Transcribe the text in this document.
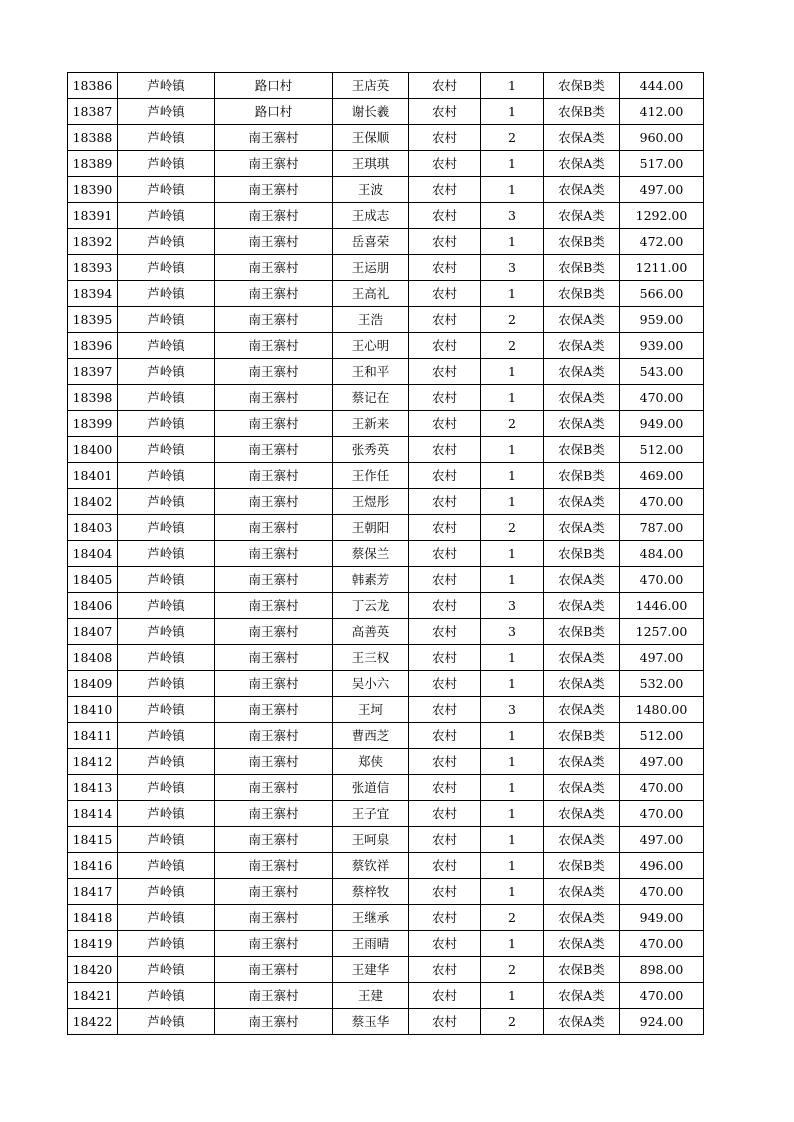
18386	芦岭镇	路口村	王店英	农村	1	农保B类	444.00
18387	芦岭镇	路口村	谢长羲	农村	1	农保B类	412.00
18388	芦岭镇	南王寨村	王保顺	农村	2	农保A类	960.00
18389	芦岭镇	南王寨村	王琪琪	农村	1	农保A类	517.00
18390	芦岭镇	南王寨村	王波	农村	1	农保A类	497.00
18391	芦岭镇	南王寨村	王成志	农村	3	农保A类	1292.00
18392	芦岭镇	南王寨村	岳喜荣	农村	1	农保B类	472.00
18393	芦岭镇	南王寨村	王运朋	农村	3	农保B类	1211.00
18394	芦岭镇	南王寨村	王高礼	农村	1	农保B类	566.00
18395	芦岭镇	南王寨村	王浩	农村	2	农保A类	959.00
18396	芦岭镇	南王寨村	王心明	农村	2	农保A类	939.00
18397	芦岭镇	南王寨村	王和平	农村	1	农保A类	543.00
18398	芦岭镇	南王寨村	蔡记在	农村	1	农保A类	470.00
18399	芦岭镇	南王寨村	王新来	农村	2	农保A类	949.00
18400	芦岭镇	南王寨村	张秀英	农村	1	农保B类	512.00
18401	芦岭镇	南王寨村	王作任	农村	1	农保B类	469.00
18402	芦岭镇	南王寨村	王煜彤	农村	1	农保A类	470.00
18403	芦岭镇	南王寨村	王朝阳	农村	2	农保A类	787.00
18404	芦岭镇	南王寨村	蔡保兰	农村	1	农保B类	484.00
18405	芦岭镇	南王寨村	韩素芳	农村	1	农保A类	470.00
18406	芦岭镇	南王寨村	丁云龙	农村	3	农保A类	1446.00
18407	芦岭镇	南王寨村	高善英	农村	3	农保B类	1257.00
18408	芦岭镇	南王寨村	王三权	农村	1	农保A类	497.00
18409	芦岭镇	南王寨村	吴小六	农村	1	农保A类	532.00
18410	芦岭镇	南王寨村	王坷	农村	3	农保A类	1480.00
18411	芦岭镇	南王寨村	曹西芝	农村	1	农保B类	512.00
18412	芦岭镇	南王寨村	郑侠	农村	1	农保A类	497.00
18413	芦岭镇	南王寨村	张道信	农村	1	农保A类	470.00
18414	芦岭镇	南王寨村	王子宜	农村	1	农保A类	470.00
18415	芦岭镇	南王寨村	王呵泉	农村	1	农保A类	497.00
18416	芦岭镇	南王寨村	蔡钦祥	农村	1	农保B类	496.00
18417	芦岭镇	南王寨村	蔡梓牧	农村	1	农保A类	470.00
18418	芦岭镇	南王寨村	王继承	农村	2	农保A类	949.00
18419	芦岭镇	南王寨村	王雨晴	农村	1	农保A类	470.00
18420	芦岭镇	南王寨村	王建华	农村	2	农保B类	898.00
18421	芦岭镇	南王寨村	王建	农村	1	农保A类	470.00
18422	芦岭镇	南王寨村	蔡玉华	农村	2	农保A类	924.00
